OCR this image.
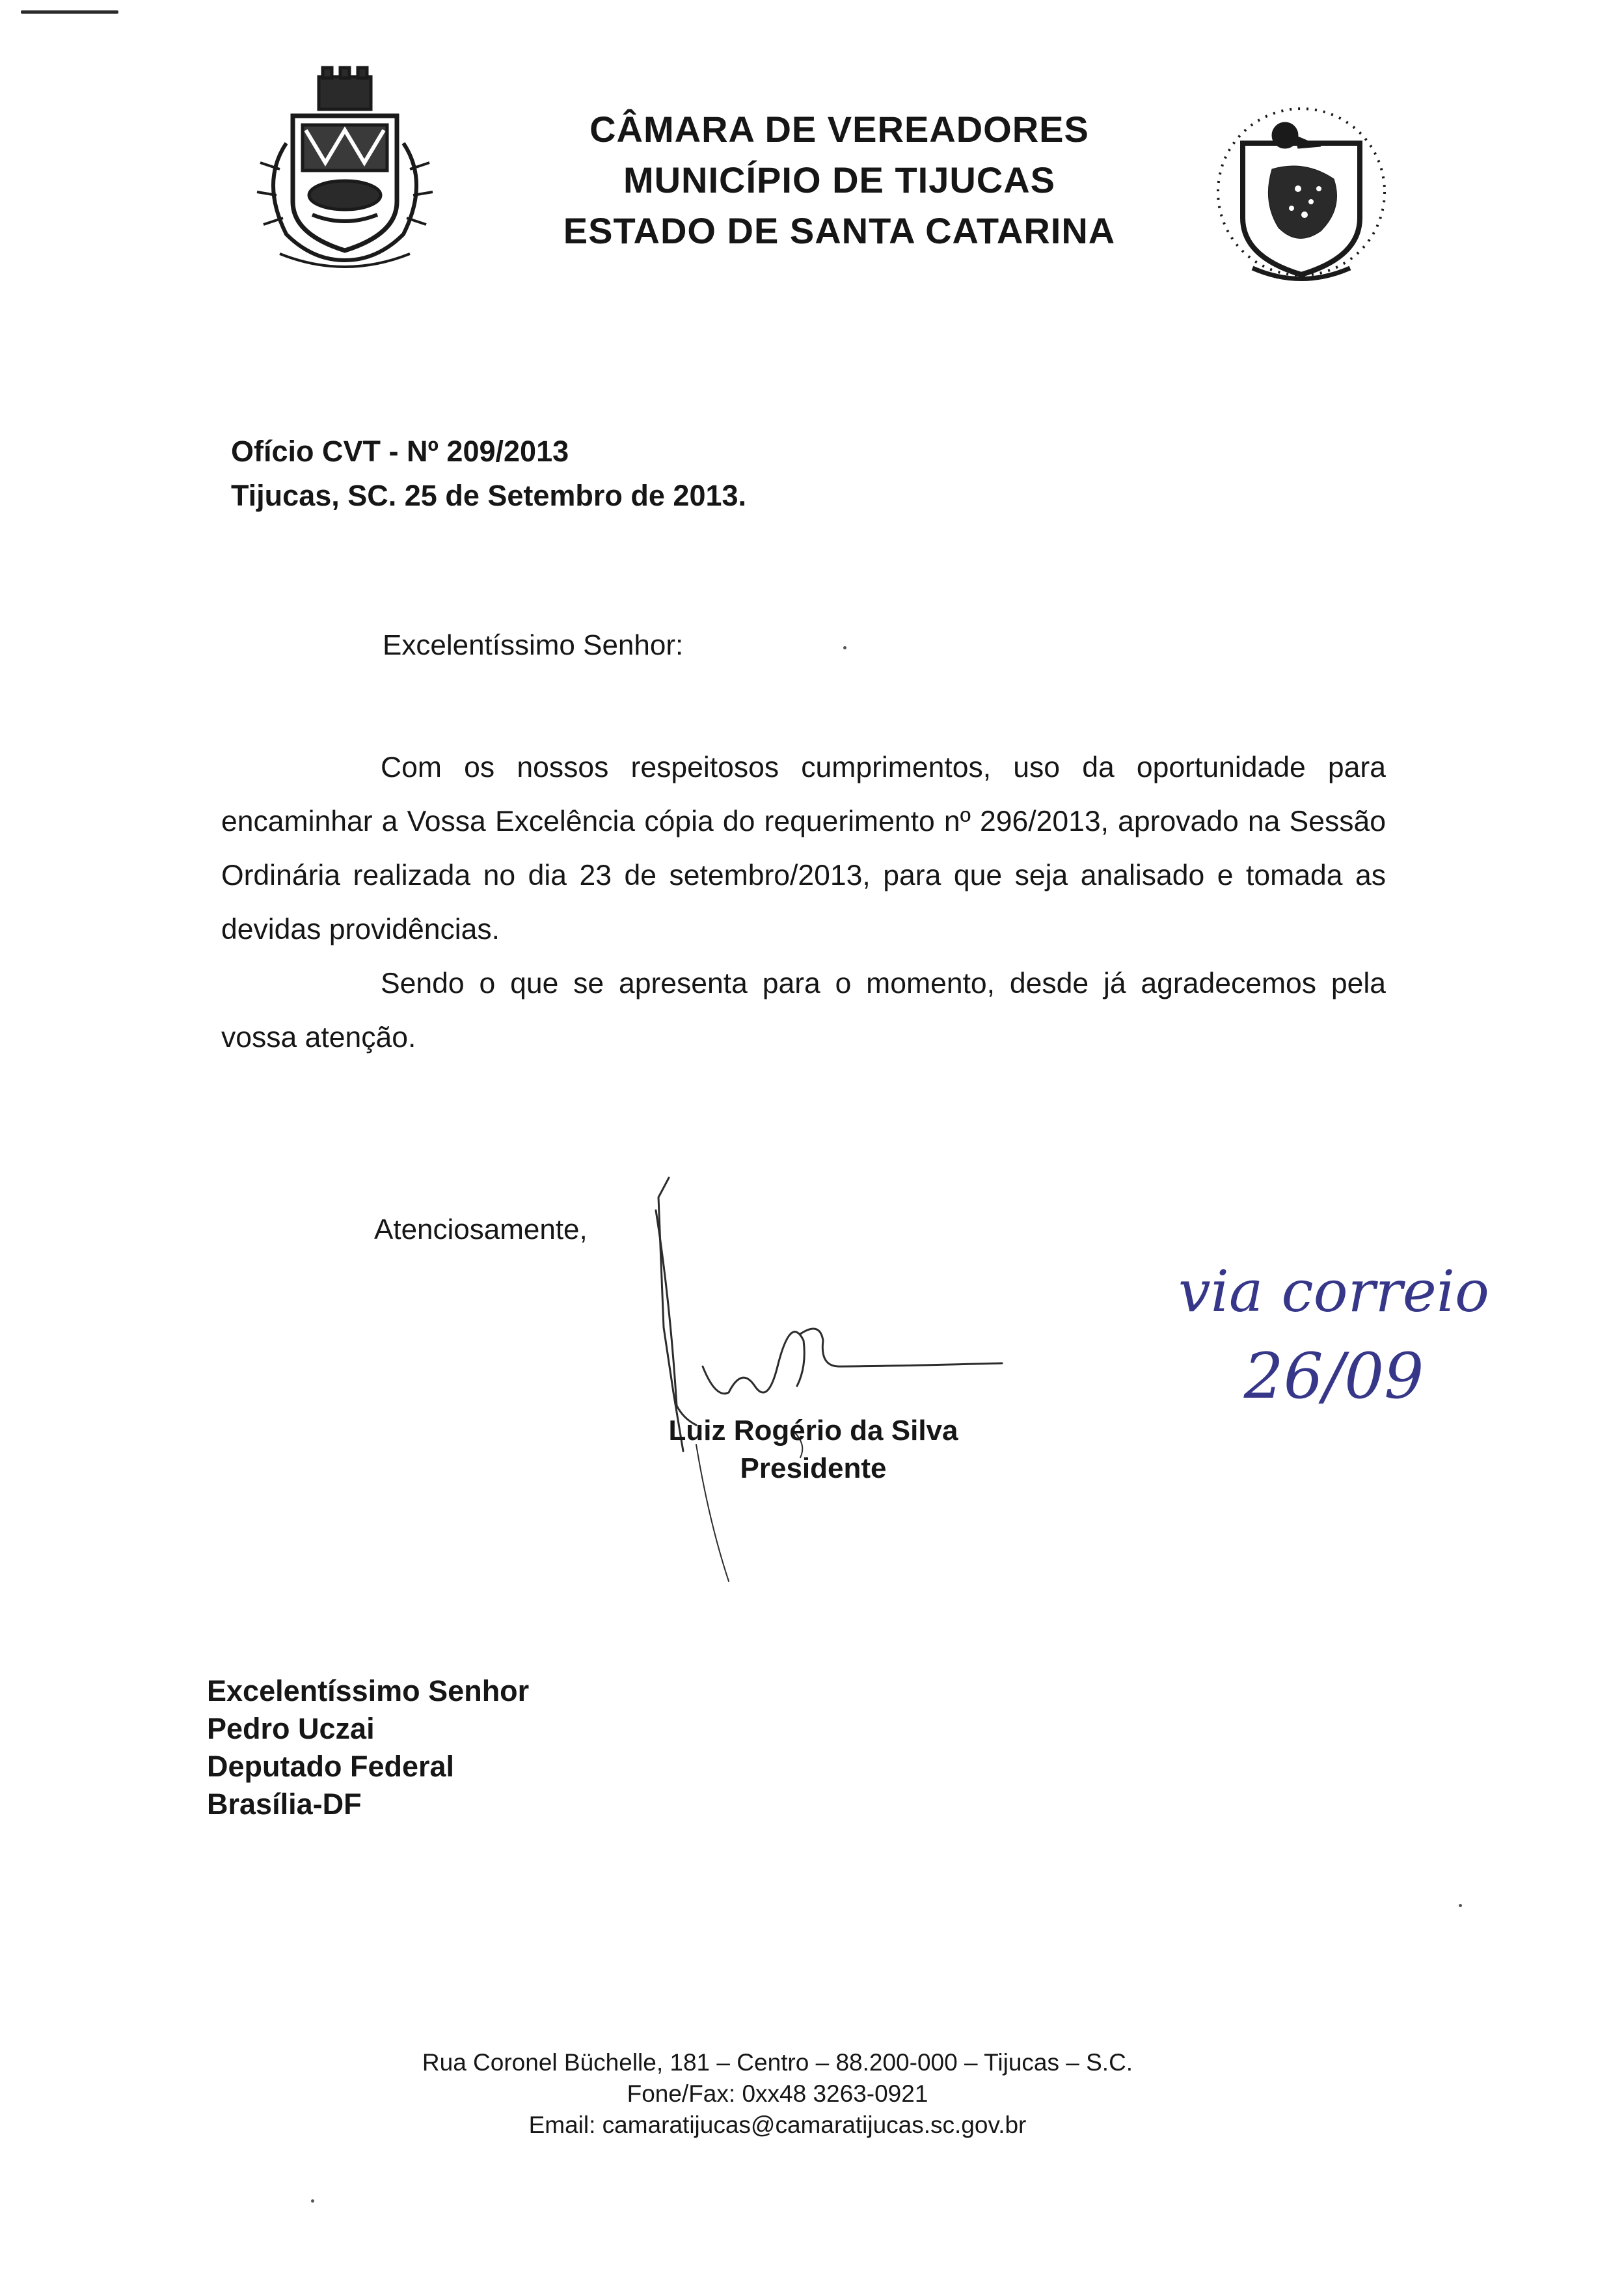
CÂMARA DE VEREADORES
MUNICÍPIO DE TIJUCAS
ESTADO DE SANTA CATARINA
Ofício CVT - Nº 209/2013
Tijucas, SC. 25 de Setembro de 2013.
Excelentíssimo Senhor:

Com os nossos respeitosos cumprimentos, uso da oportunidade para encaminhar a Vossa Excelência cópia do requerimento nº 296/2013, aprovado na Sessão Ordinária realizada no dia 23 de setembro/2013, para que seja analisado e tomada as devidas providências.

Sendo o que se apresenta para o momento, desde já agradecemos pela vossa atenção.

Atenciosamente,
Luiz Rogério da Silva
Presidente
via correio
26/09
Excelentíssimo Senhor
Pedro Uczai
Deputado Federal
Brasília-DF
Rua Coronel Büchelle, 181 – Centro – 88.200-000 – Tijucas – S.C.
Fone/Fax: 0xx48 3263-0921
Email: camaratijucas@camaratijucas.sc.gov.br
